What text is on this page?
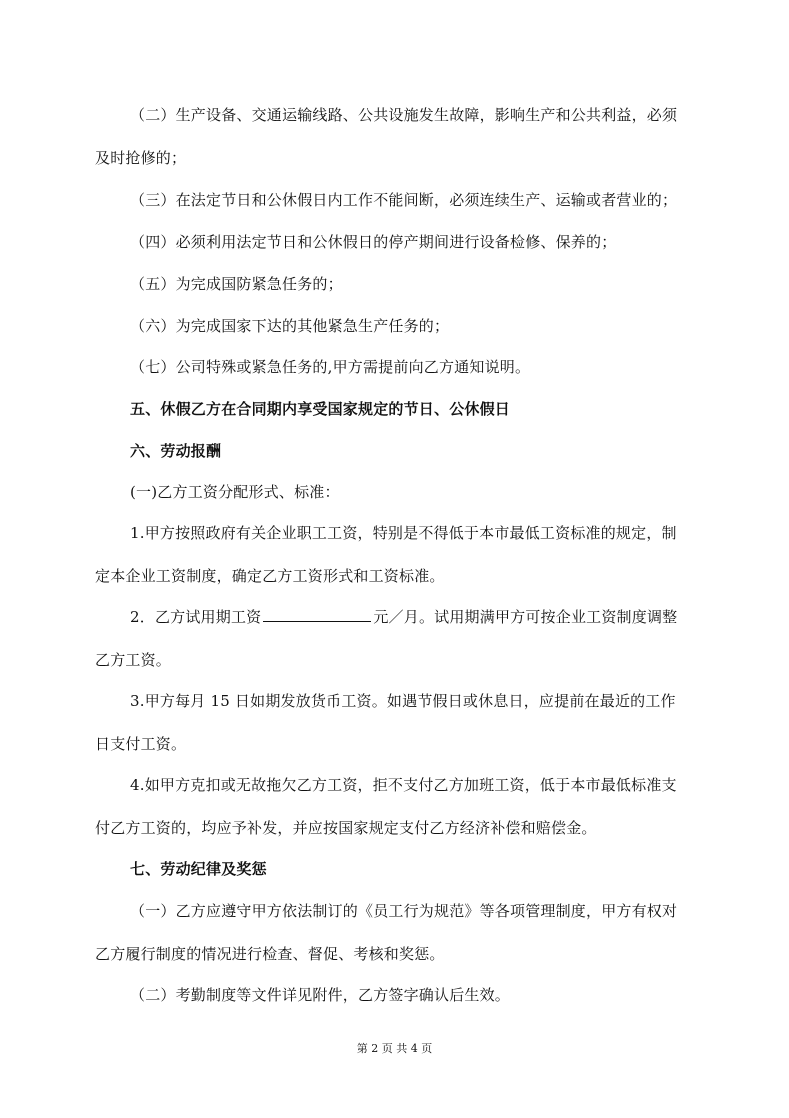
（二）生产设备、交通运输线路、公共设施发生故障，影响生产和公共利益，必须
及时抢修的；
（三）在法定节日和公休假日内工作不能间断，必须连续生产、运输或者营业的；
（四）必须利用法定节日和公休假日的停产期间进行设备检修、保养的；
（五）为完成国防紧急任务的；
（六）为完成国家下达的其他紧急生产任务的；
（七）公司特殊或紧急任务的,甲方需提前向乙方通知说明。
五、休假乙方在合同期内享受国家规定的节日、公休假日
六、劳动报酬
(一)乙方工资分配形式、标准：
1.甲方按照政府有关企业职工工资，特别是不得低于本市最低工资标准的规定，制
定本企业工资制度，确定乙方工资形式和工资标准。
2．乙方试用期工资	元／月。试用期满甲方可按企业工资制度调整
乙方工资。
3.甲方每月 15 日如期发放货币工资。如遇节假日或休息日，应提前在最近的工作
日支付工资。
4.如甲方克扣或无故拖欠乙方工资，拒不支付乙方加班工资，低于本市最低标准支
付乙方工资的，均应予补发，并应按国家规定支付乙方经济补偿和赔偿金。
七、劳动纪律及奖惩
（一）乙方应遵守甲方依法制订的《员工行为规范》等各项管理制度，甲方有权对
乙方履行制度的情况进行检查、督促、考核和奖惩。
（二）考勤制度等文件详见附件，乙方签字确认后生效。
第 2 页 共 4 页
